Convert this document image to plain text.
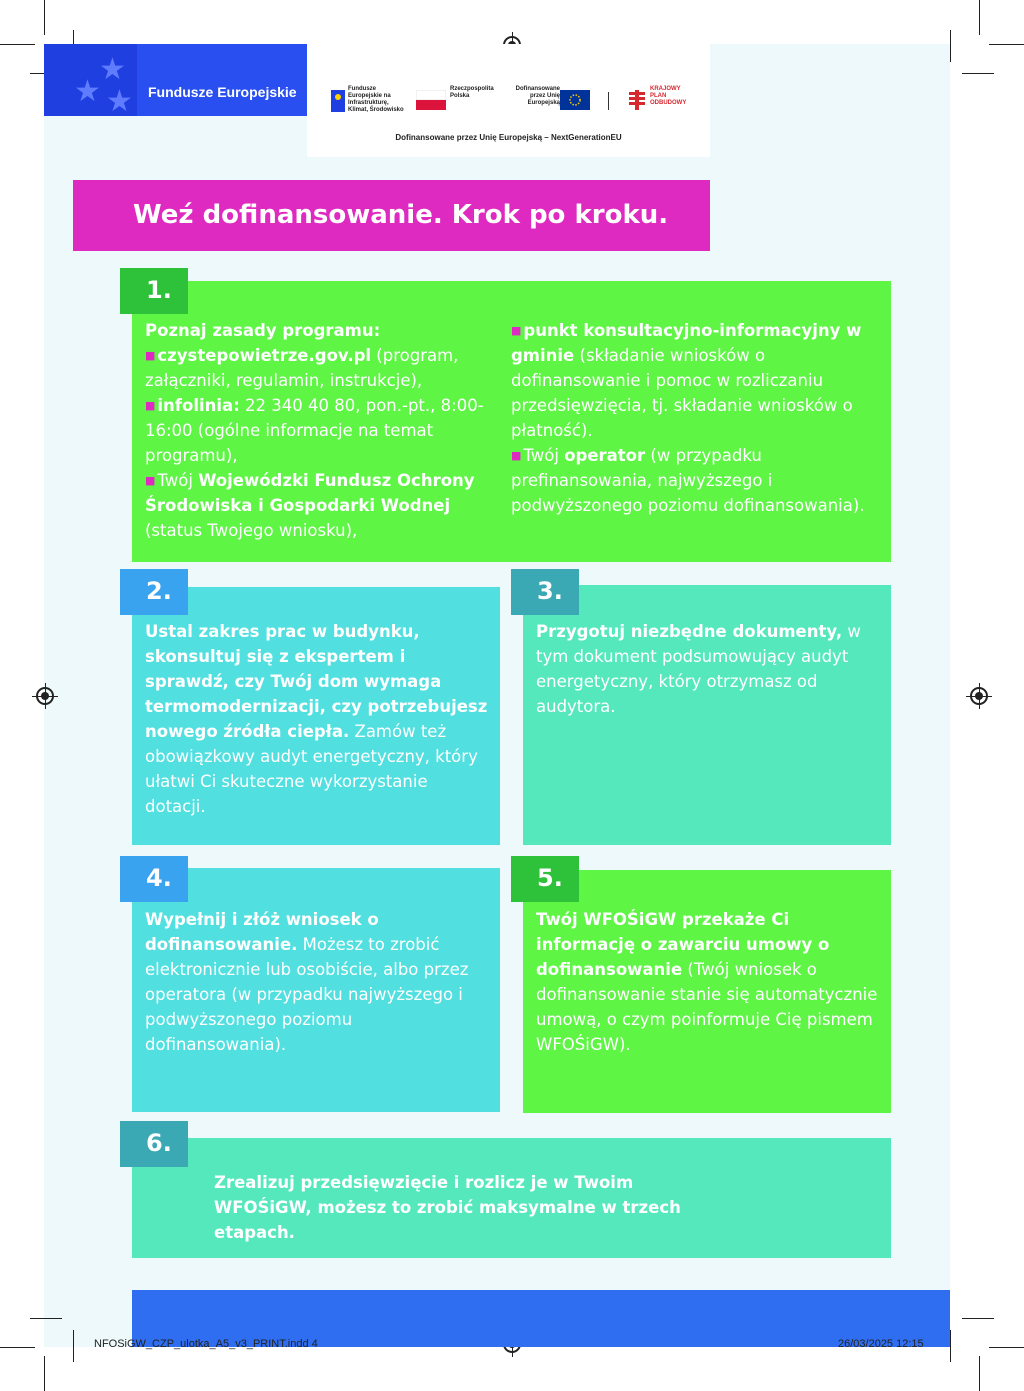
★
★ ★ Fundusze Europejskie	Fundusze Europejskie na Infrastrukturę, Klimat, Środowisko
Rzeczpospolita Polska
Dofinansowane przez Unię Europejską
KRAJOWY PLAN ODBUDOWY
Dofinansowane przez Unię Europejską – NextGenerationEU
Weź dofinansowanie. Krok po kroku.
1.
Poznaj zasady programu:
■ czystepowietrze.gov.pl (program, załączniki, regulamin, instrukcje),
■ infolinia: 22 340 40 80, pon.-pt., 8:00-16:00 (ogólne informacje na temat programu),
■ Twój Wojewódzki Fundusz Ochrony Środowiska i Gospodarki Wodnej (status Twojego wniosku),
■ punkt konsultacyjno-informacyjny w gminie (składanie wniosków o dofinansowanie i pomoc w rozliczaniu przedsięwzięcia, tj. składanie wniosków o płatność).
■ Twój operator (w przypadku prefinansowania, najwyższego i podwyższonego poziomu dofinansowania).
2.
Ustal zakres prac w budynku, skonsultuj się z ekspertem i sprawdź, czy Twój dom wymaga termomodernizacji, czy potrzebujesz nowego źródła ciepła. Zamów też obowiązkowy audyt energetyczny, który ułatwi Ci skuteczne wykorzystanie dotacji.
3.
Przygotuj niezbędne dokumenty, w tym dokument podsumowujący audyt energetyczny, który otrzymasz od audytora.
4.
Wypełnij i złóż wniosek o dofinansowanie. Możesz to zrobić elektronicznie lub osobiście, albo przez operatora (w przypadku najwyższego i podwyższonego poziomu dofinansowania).
5.
Twój WFOŚiGW przekaże Ci informację o zawarciu umowy o dofinansowanie (Twój wniosek o dofinansowanie stanie się automatycznie umową, o czym poinformuje Cię pismem WFOŚiGW).
6.
Zrealizuj przedsięwzięcie i rozlicz je w Twoim WFOŚiGW, możesz to zrobić maksymalne w trzech etapach.
NFOSiGW_CZP_ulotka_A5_v3_PRINT.indd 4	26/03/2025 12:15
